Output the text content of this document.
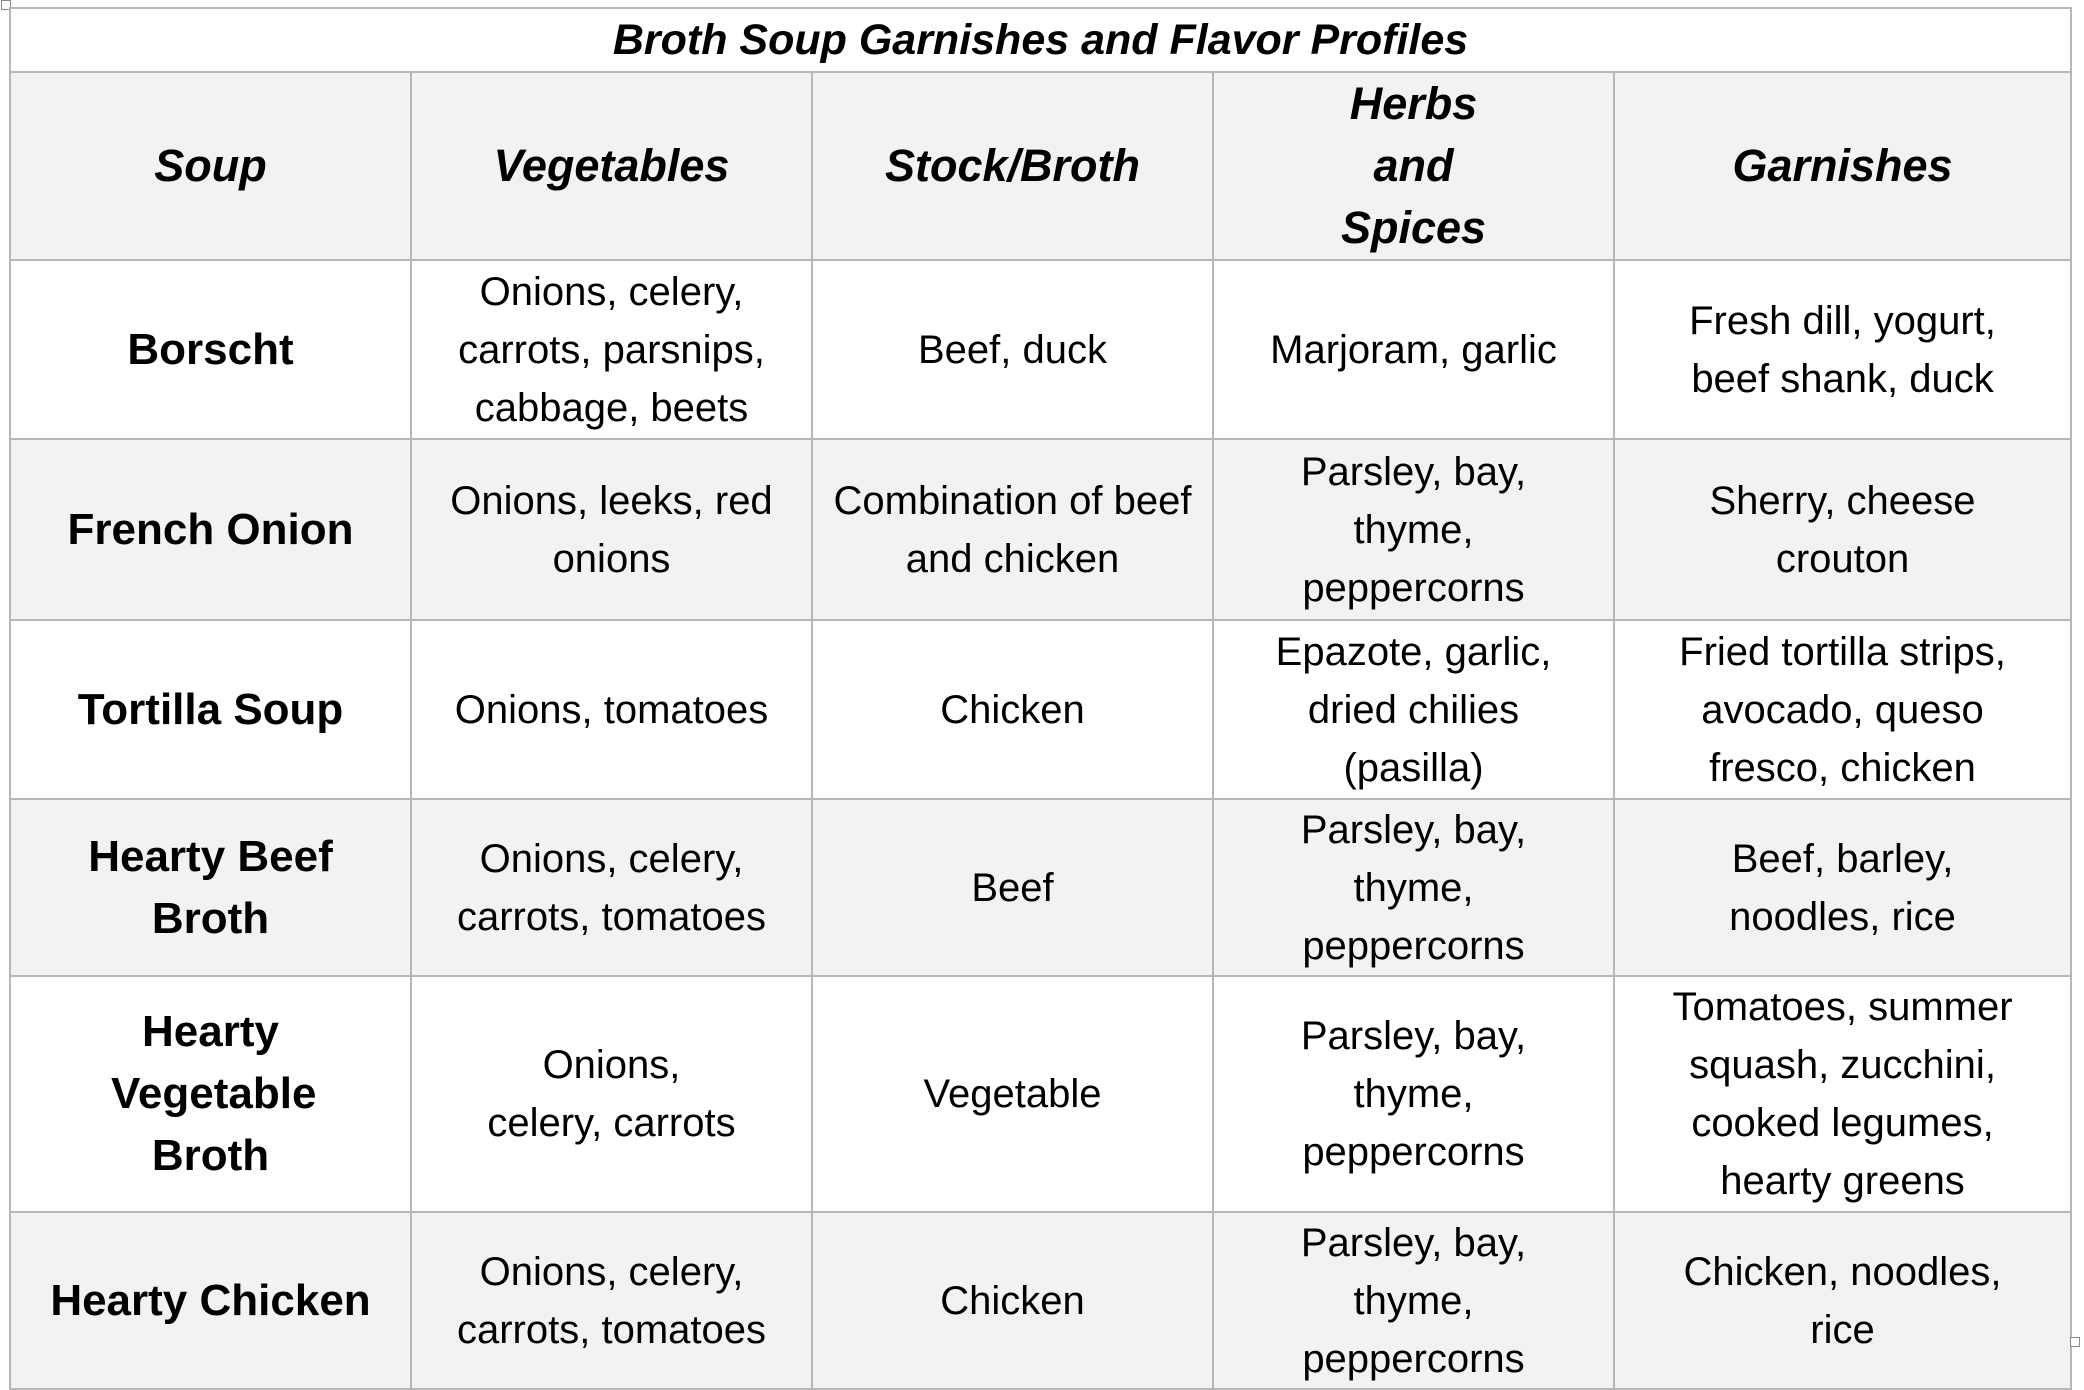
Broth Soup Garnishes and Flavor Profiles				
Soup	Vegetables	Stock/Broth	Herbs and Spices	Garnishes
Borscht	Onions, celery, carrots, parsnips, cabbage, beets	Beef, duck	Marjoram, garlic	Fresh dill, yogurt, beef shank, duck
French Onion	Onions, leeks, red onions	Combination of beef and chicken	Parsley, bay, thyme, peppercorns	Sherry, cheese crouton
Tortilla Soup	Onions, tomatoes	Chicken	Epazote, garlic, dried chilies (pasilla)	Fried tortilla strips, avocado, queso fresco, chicken
Hearty Beef Broth	Onions, celery, carrots, tomatoes	Beef	Parsley, bay, thyme, peppercorns	Beef, barley, noodles, rice
Hearty Vegetable Broth	Onions, celery, carrots	Vegetable	Parsley, bay, thyme, peppercorns	Tomatoes, summer squash, zucchini, cooked legumes, hearty greens
Hearty Chicken	Onions, celery, carrots, tomatoes	Chicken	Parsley, bay, thyme, peppercorns	Chicken, noodles, rice
